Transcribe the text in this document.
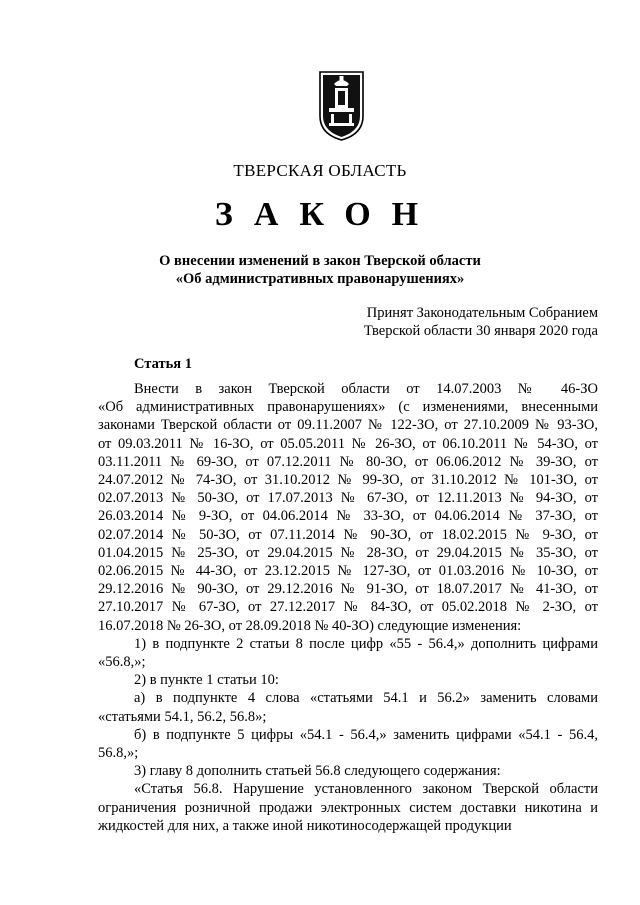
ТВЕРСКАЯ ОБЛАСТЬ
ЗАКОН
О внесении изменений в закон Тверской области
«Об административных правонарушениях»
Принят Законодательным Собранием
Тверской области 30 января 2020 года
Статья 1

Внести в закон Тверской области от 14.07.2003 № 46-ЗО

«Об административных правонарушениях» (с изменениями, внесенными

законами Тверской области от 09.11.2007 № 122-ЗО, от 27.10.2009 № 93-ЗО,

от 09.03.2011 № 16-ЗО, от 05.05.2011 № 26-ЗО, от 06.10.2011 № 54-ЗО, от

03.11.2011 № 69-ЗО, от 07.12.2011 № 80-ЗО, от 06.06.2012 № 39-ЗО, от

24.07.2012 № 74-ЗО, от 31.10.2012 № 99-ЗО, от 31.10.2012 № 101-ЗО, от

02.07.2013 № 50-ЗО, от 17.07.2013 № 67-ЗО, от 12.11.2013 № 94-ЗО, от

26.03.2014 № 9-ЗО, от 04.06.2014 № 33-ЗО, от 04.06.2014 № 37-ЗО, от

02.07.2014 № 50-ЗО, от 07.11.2014 № 90-ЗО, от 18.02.2015 № 9-ЗО, от

01.04.2015 № 25-ЗО, от 29.04.2015 № 28-ЗО, от 29.04.2015 № 35-ЗО, от

02.06.2015 № 44-ЗО, от 23.12.2015 № 127-ЗО, от 01.03.2016 № 10-ЗО, от

29.12.2016 № 90-ЗО, от 29.12.2016 № 91-ЗО, от 18.07.2017 № 41-ЗО, от

27.10.2017 № 67-ЗО, от 27.12.2017 № 84-ЗО, от 05.02.2018 № 2-ЗО, от

16.07.2018 № 26-ЗО, от 28.09.2018 № 40-ЗО) следующие изменения:

1) в подпункте 2 статьи 8 после цифр «55 - 56.4,» дополнить цифрами

«56.8,»;

2) в пункте 1 статьи 10:

а) в подпункте 4 слова «статьями 54.1 и 56.2» заменить словами

«статьями 54.1, 56.2, 56.8»;

б) в подпункте 5 цифры «54.1 - 56.4,» заменить цифрами «54.1 - 56.4,

56.8,»;

3) главу 8 дополнить статьей 56.8 следующего содержания:

«Статья 56.8. Нарушение установленного законом Тверской области

ограничения розничной продажи электронных систем доставки никотина и

жидкостей для них, а также иной никотиносодержащей продукции
